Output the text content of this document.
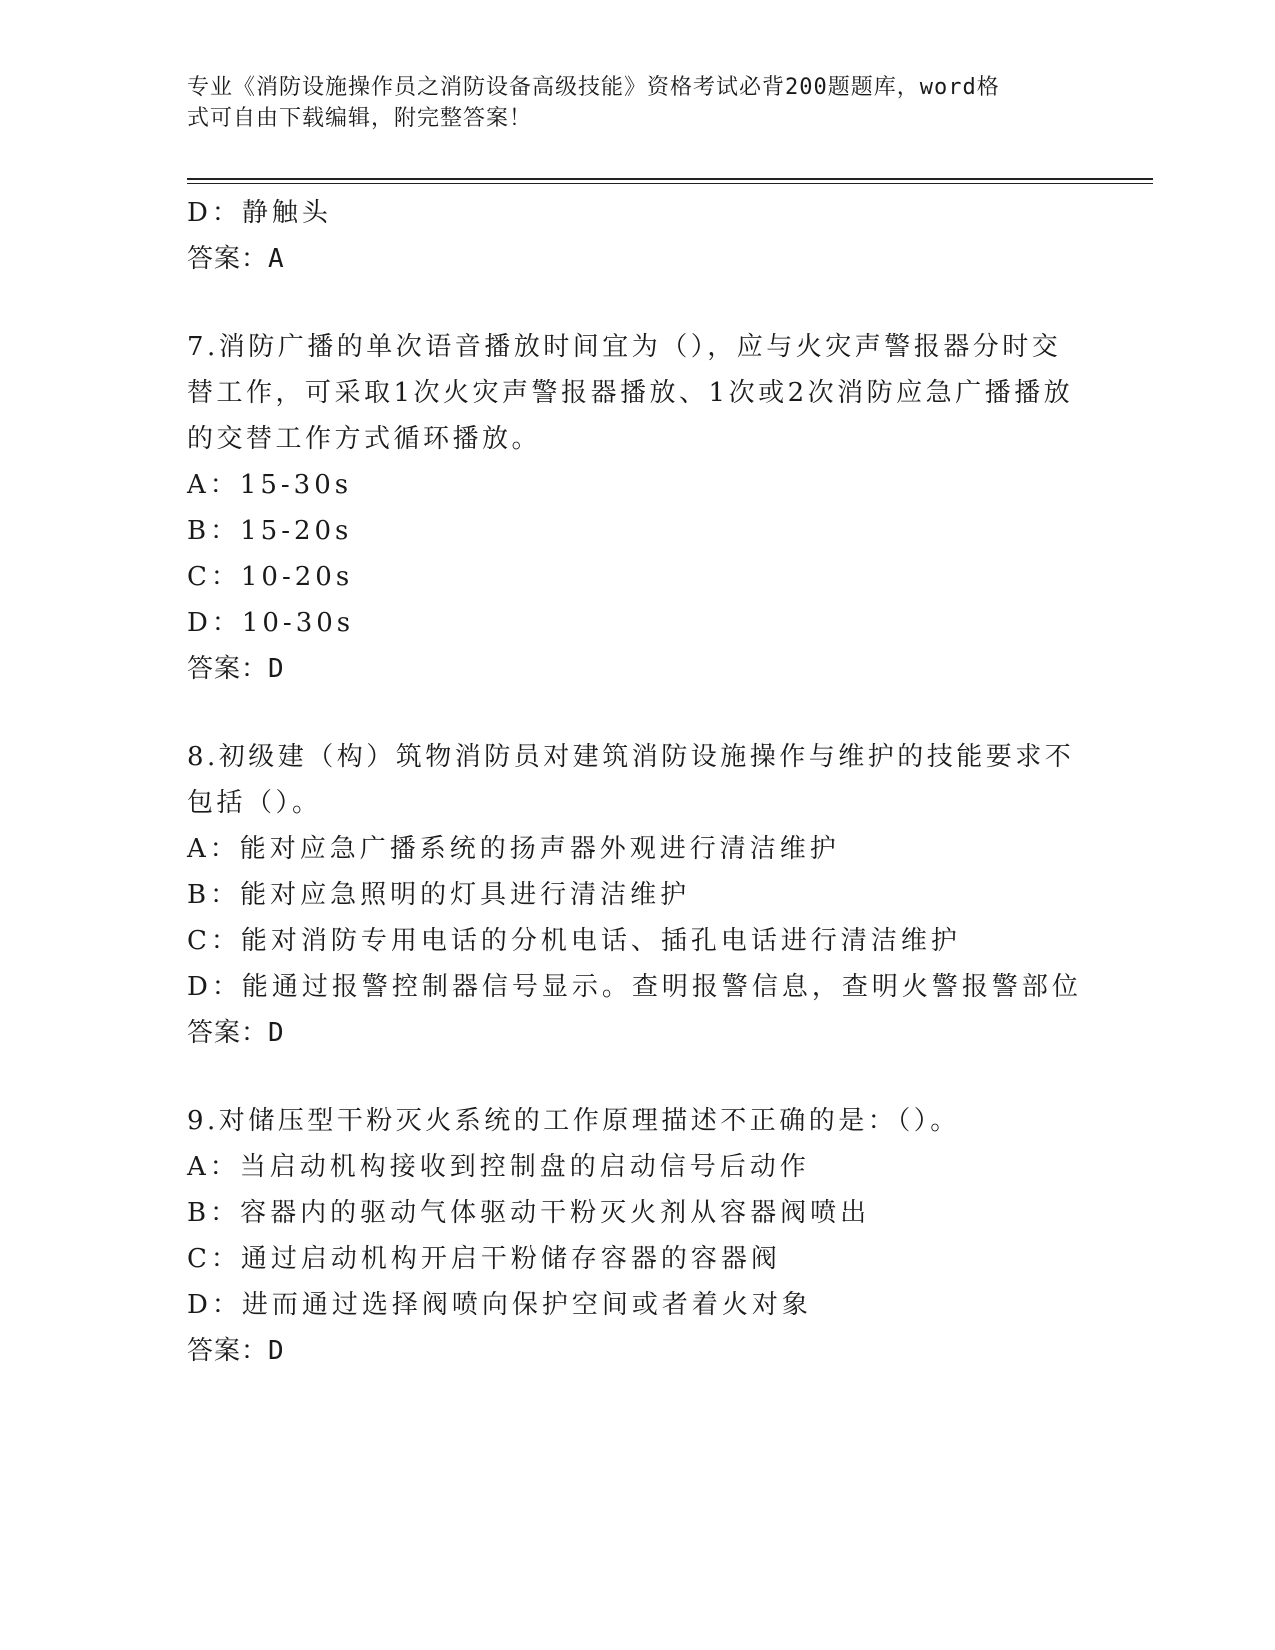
专业《消防设施操作员之消防设备高级技能》资格考试必背200题题库，word格
式可自由下载编辑，附完整答案！
D：静触头
答案：A
7.消防广播的单次语音播放时间宜为（），应与火灾声警报器分时交
替工作，可采取1次火灾声警报器播放、1次或2次消防应急广播播放
的交替工作方式循环播放。
A：15-30s
B：15-20s
C：10-20s
D：10-30s
答案：D
8.初级建（构）筑物消防员对建筑消防设施操作与维护的技能要求不
包括（）。
A：能对应急广播系统的扬声器外观进行清洁维护
B：能对应急照明的灯具进行清洁维护
C：能对消防专用电话的分机电话、插孔电话进行清洁维护
D：能通过报警控制器信号显示。查明报警信息，查明火警报警部位
答案：D
9.对储压型干粉灭火系统的工作原理描述不正确的是：（）。
A：当启动机构接收到控制盘的启动信号后动作
B：容器内的驱动气体驱动干粉灭火剂从容器阀喷出
C：通过启动机构开启干粉储存容器的容器阀
D：进而通过选择阀喷向保护空间或者着火对象
答案：D
